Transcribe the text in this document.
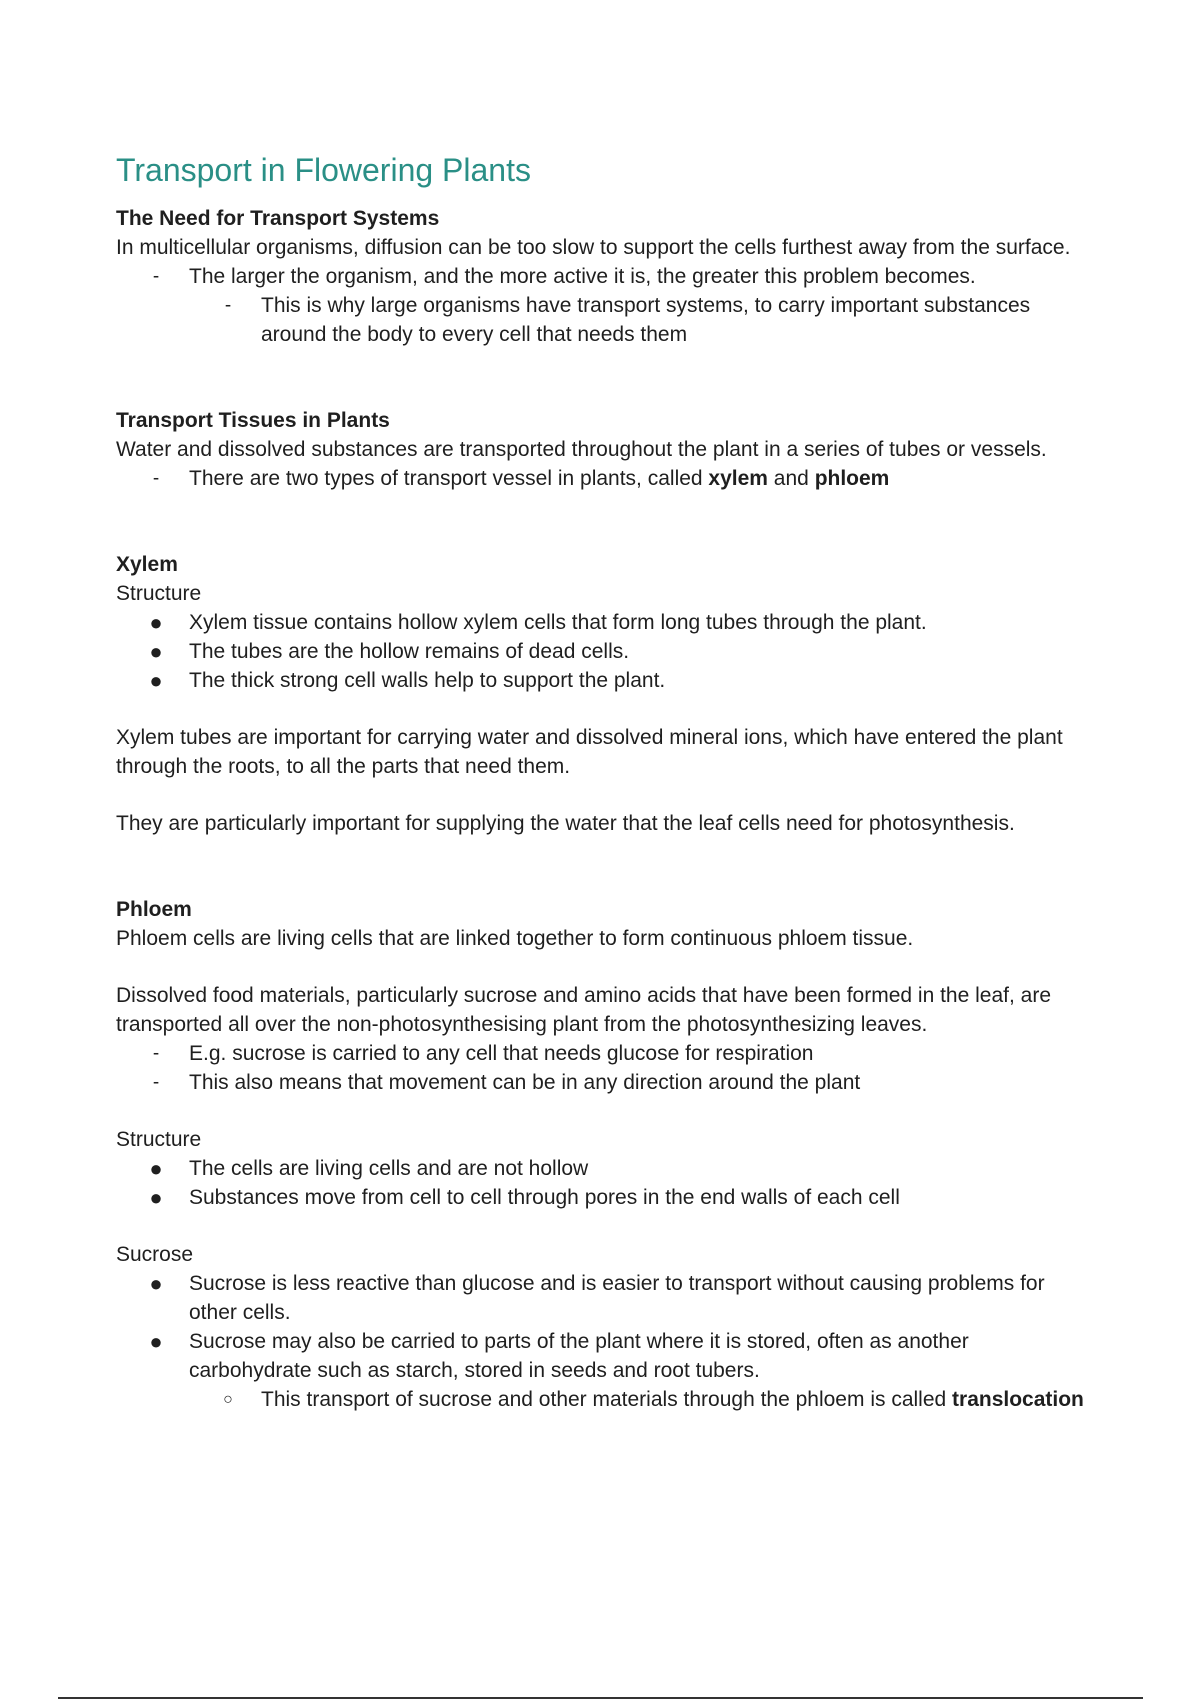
Transport in Flowering Plants

The Need for Transport Systems

In multicellular organisms, diffusion can be too slow to support the cells furthest away from the surface.

-	The larger the organism, and the more active it is, the greater this problem becomes.
-	This is why large organisms have transport systems, to carry important substances around the body to every cell that needs them

Transport Tissues in Plants

Water and dissolved substances are transported throughout the plant in a series of tubes or vessels.

-	There are two types of transport vessel in plants, called xylem and phloem

Xylem

Structure

● Xylem tissue contains hollow xylem cells that form long tubes through the plant.
● The tubes are the hollow remains of dead cells.
● The thick strong cell walls help to support the plant.

Xylem tubes are important for carrying water and dissolved mineral ions, which have entered the plant through the roots, to all the parts that need them.

They are particularly important for supplying the water that the leaf cells need for photosynthesis.

Phloem

Phloem cells are living cells that are linked together to form continuous phloem tissue.

Dissolved food materials, particularly sucrose and amino acids that have been formed in the leaf, are transported all over the non-photosynthesising plant from the photosynthesizing leaves.

-	E.g. sucrose is carried to any cell that needs glucose for respiration
-	This also means that movement can be in any direction around the plant

Structure

● The cells are living cells and are not hollow
● Substances move from cell to cell through pores in the end walls of each cell

Sucrose

● Sucrose is less reactive than glucose and is easier to transport without causing problems for other cells.
● Sucrose may also be carried to parts of the plant where it is stored, often as another carbohydrate such as starch, stored in seeds and root tubers.
○ This transport of sucrose and other materials through the phloem is called translocation
